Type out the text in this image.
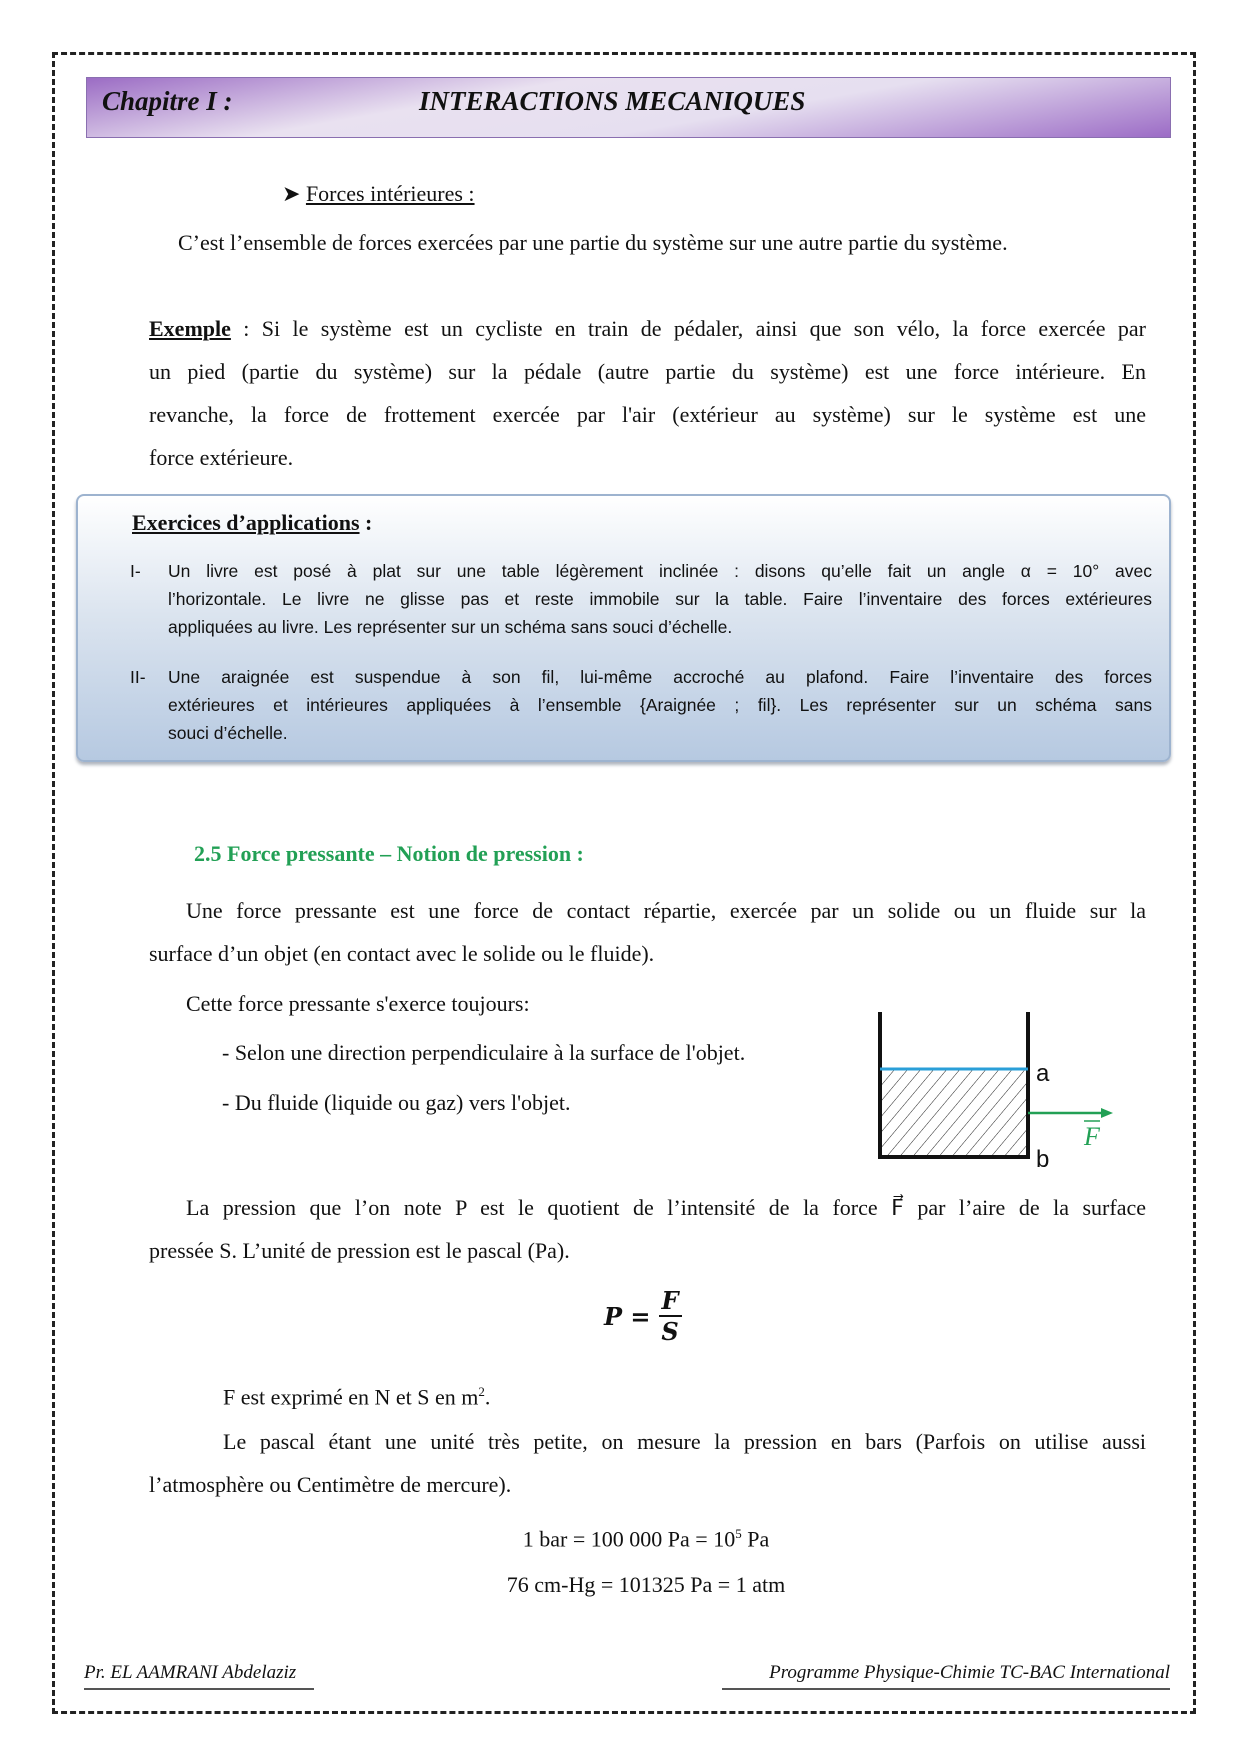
Chapitre I :	INTERACTIONS MECANIQUES
➤ Forces intérieures :
C’est l’ensemble de forces exercées par une partie du système sur une autre partie du système.
Exemple : Si le système est un cycliste en train de pédaler, ainsi que son vélo, la force exercée par
un pied (partie du système) sur la pédale (autre partie du système) est une force intérieure. En
revanche, la force de frottement exercée par l'air (extérieur au système) sur le système est une
force extérieure.
Exercices d’applications :
I- Un livre est posé à plat sur une table légèrement inclinée : disons qu’elle fait un angle α = 10° avec
l’horizontale. Le livre ne glisse pas et reste immobile sur la table. Faire l’inventaire des forces extérieures
appliquées au livre. Les représenter sur un schéma sans souci d’échelle.
II- Une araignée est suspendue à son fil, lui-même accroché au plafond. Faire l’inventaire des forces
extérieures et intérieures appliquées à l’ensemble {Araignée ; fil}. Les représenter sur un schéma sans
souci d’échelle.
2.5 Force pressante – Notion de pression :
Une force pressante est une force de contact répartie, exercée par un solide ou un fluide sur la
surface d’un objet (en contact avec le solide ou le fluide).
Cette force pressante s'exerce toujours:
- Selon une direction perpendiculaire à la surface de l'objet.
- Du fluide (liquide ou gaz) vers l'objet.
a
b
F
La pression que l’on note P est le quotient de l’intensité de la force F⃗ par l’aire de la surface
pressée S. L’unité de pression est le pascal (Pa).
$P = \frac{F}{S}$
F est exprimé en N et S en $m^2$.
Le pascal étant une unité très petite, on mesure la pression en bars (Parfois on utilise aussi
l’atmosphère ou Centimètre de mercure).
1 bar = 100 000 $Pa = 10^5$ Pa
76 cm-Hg = 101325 Pa = 1 atm
Pr. EL AAMRANI Abdelaziz	Programme Physique-Chimie TC-BAC International
